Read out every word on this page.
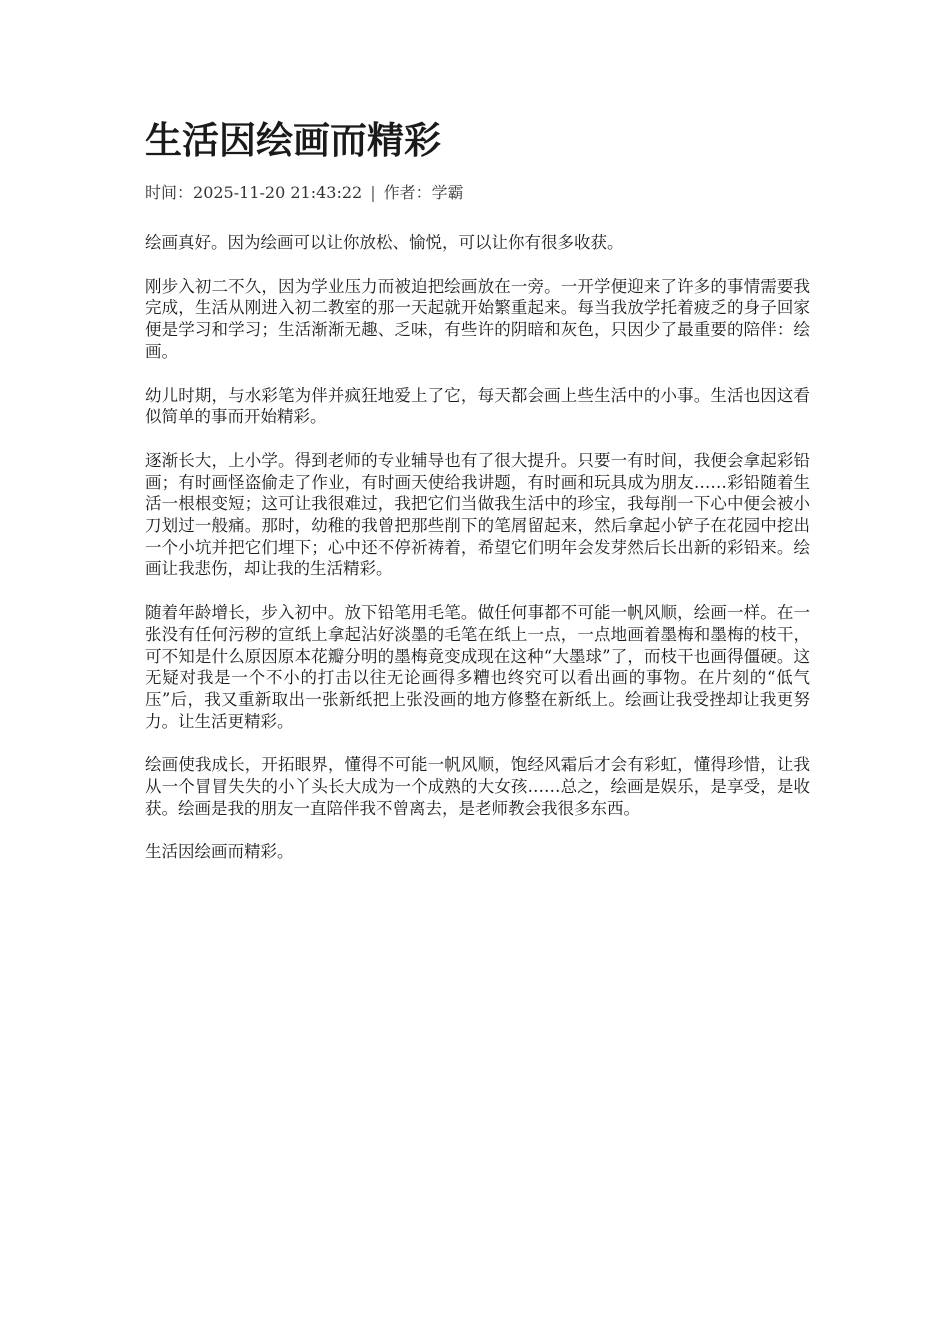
生活因绘画而精彩
时间：2025-11-20 21:43:22 | 作者：学霸

绘画真好。因为绘画可以让你放松、愉悦，可以让你有很多收获。

刚步入初二不久，因为学业压力而被迫把绘画放在一旁。一开学便迎来了许多的事情需要我完成，生活从刚进入初二教室的那一天起就开始繁重起来。每当我放学托着疲乏的身子回家便是学习和学习；生活渐渐无趣、乏味，有些许的阴暗和灰色，只因少了最重要的陪伴：绘画。

幼儿时期，与水彩笔为伴并疯狂地爱上了它，每天都会画上些生活中的小事。生活也因这看似简单的事而开始精彩。

逐渐长大，上小学。得到老师的专业辅导也有了很大提升。只要一有时间，我便会拿起彩铅画；有时画怪盗偷走了作业，有时画天使给我讲题，有时画和玩具成为朋友……彩铅随着生活一根根变短；这可让我很难过，我把它们当做我生活中的珍宝，我每削一下心中便会被小刀划过一般痛。那时，幼稚的我曾把那些削下的笔屑留起来，然后拿起小铲子在花园中挖出一个小坑并把它们埋下；心中还不停祈祷着，希望它们明年会发芽然后长出新的彩铅来。绘画让我悲伤，却让我的生活精彩。

随着年龄增长，步入初中。放下铅笔用毛笔。做任何事都不可能一帆风顺，绘画一样。在一张没有任何污秽的宣纸上拿起沾好淡墨的毛笔在纸上一点，一点地画着墨梅和墨梅的枝干，可不知是什么原因原本花瓣分明的墨梅竟变成现在这种“大墨球”了，而枝干也画得僵硬。这无疑对我是一个不小的打击以往无论画得多糟也终究可以看出画的事物。在片刻的“低气压”后，我又重新取出一张新纸把上张没画的地方修整在新纸上。绘画让我受挫却让我更努力。让生活更精彩。

绘画使我成长，开拓眼界，懂得不可能一帆风顺，饱经风霜后才会有彩虹，懂得珍惜，让我从一个冒冒失失的小丫头长大成为一个成熟的大女孩……总之，绘画是娱乐，是享受，是收获。绘画是我的朋友一直陪伴我不曾离去，是老师教会我很多东西。

生活因绘画而精彩。
